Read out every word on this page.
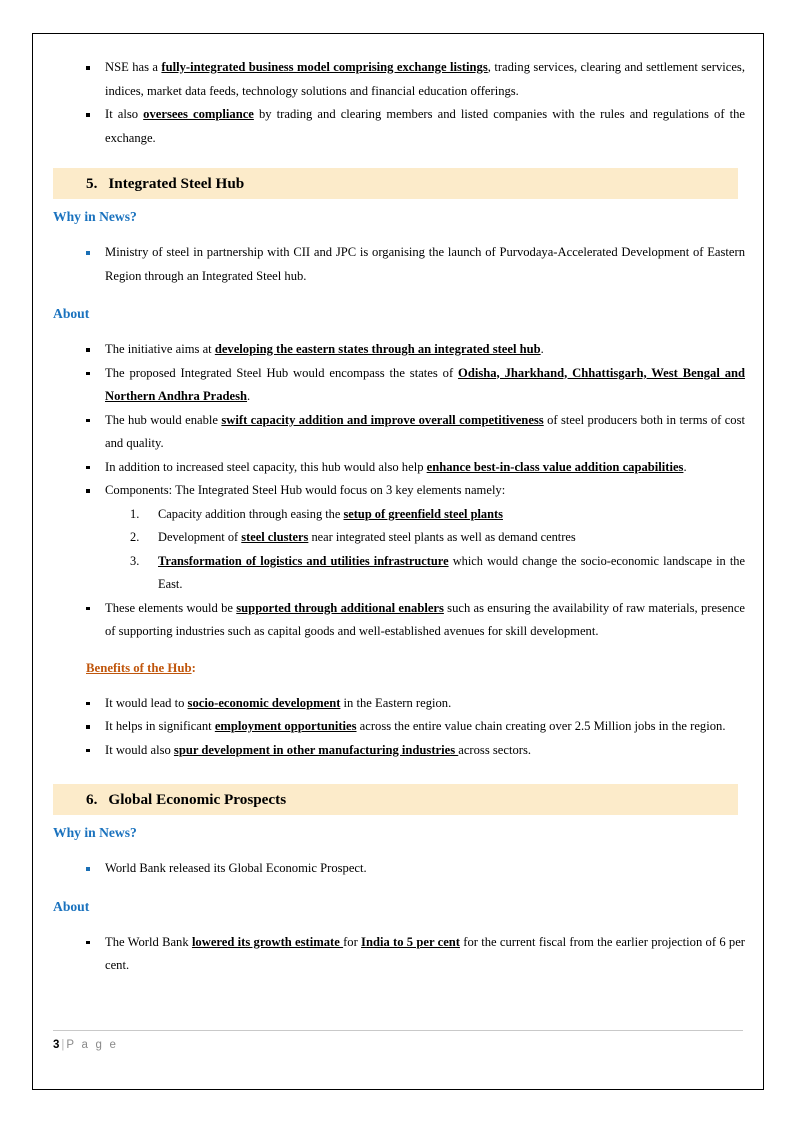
NSE has a fully-integrated business model comprising exchange listings, trading services, clearing and settlement services, indices, market data feeds, technology solutions and financial education offerings.
It also oversees compliance by trading and clearing members and listed companies with the rules and regulations of the exchange.
5. Integrated Steel Hub
Why in News?
Ministry of steel in partnership with CII and JPC is organising the launch of Purvodaya-Accelerated Development of Eastern Region through an Integrated Steel hub.
About
The initiative aims at developing the eastern states through an integrated steel hub.
The proposed Integrated Steel Hub would encompass the states of Odisha, Jharkhand, Chhattisgarh, West Bengal and Northern Andhra Pradesh.
The hub would enable swift capacity addition and improve overall competitiveness of steel producers both in terms of cost and quality.
In addition to increased steel capacity, this hub would also help enhance best-in-class value addition capabilities.
Components: The Integrated Steel Hub would focus on 3 key elements namely:
1.	Capacity addition through easing the setup of greenfield steel plants
2.	Development of steel clusters near integrated steel plants as well as demand centres
3.	Transformation of logistics and utilities infrastructure which would change the socio-economic landscape in the East.
These elements would be supported through additional enablers such as ensuring the availability of raw materials, presence of supporting industries such as capital goods and well-established avenues for skill development.
Benefits of the Hub:
It would lead to socio-economic development in the Eastern region.
It helps in significant employment opportunities across the entire value chain creating over 2.5 Million jobs in the region.
It would also spur development in other manufacturing industries across sectors.
6. Global Economic Prospects
Why in News?
World Bank released its Global Economic Prospect.
About
The World Bank lowered its growth estimate for India to 5 per cent for the current fiscal from the earlier projection of 6 per cent.
3 | P a g e
